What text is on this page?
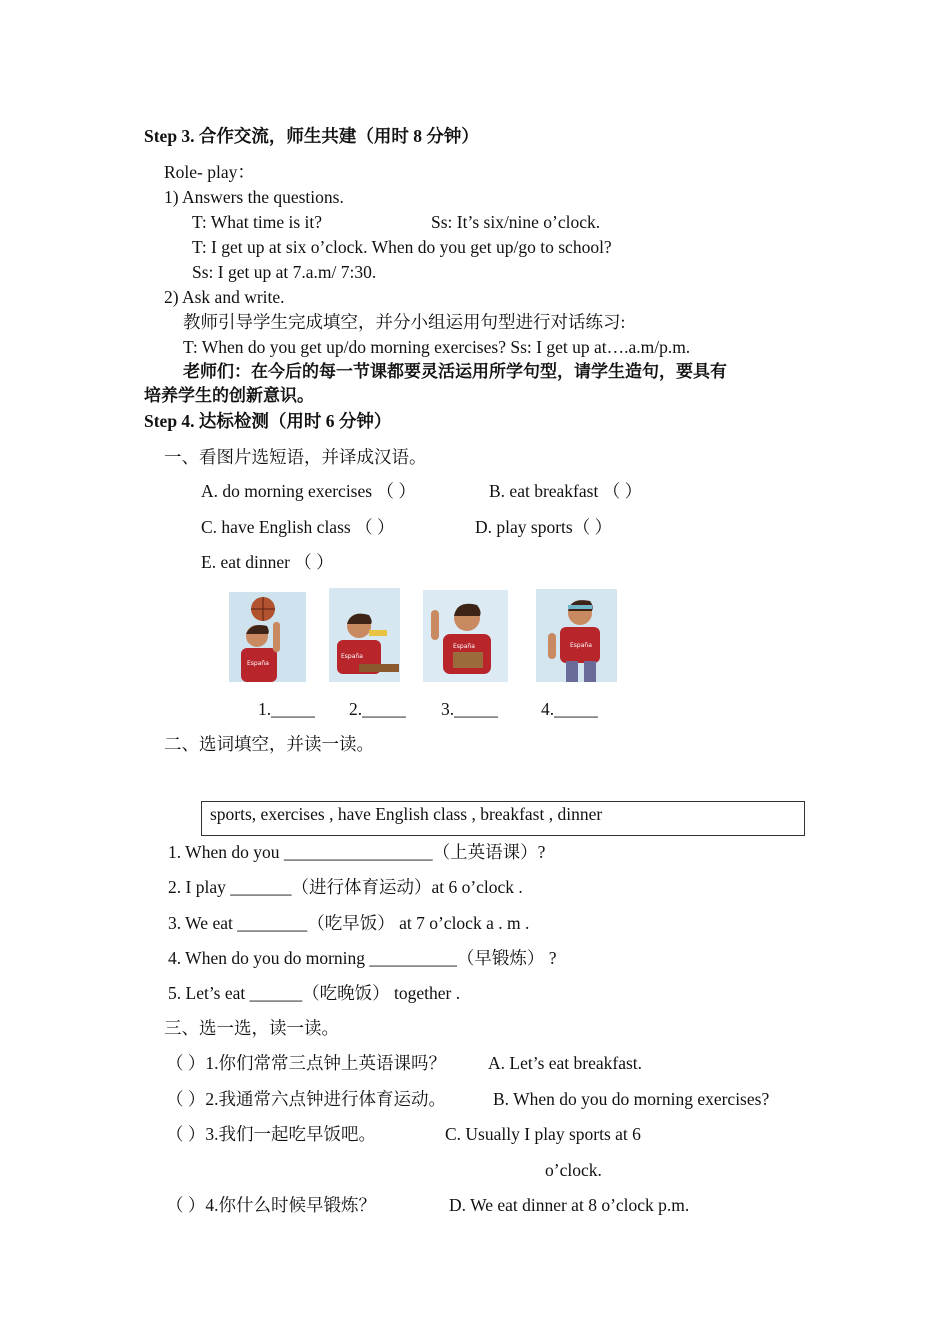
Step 3. 合作交流，师生共建（用时 8 分钟）
Role- play：
1) Answers the questions.
T: What time is it?	Ss: It’s six/nine o’clock.
T: I get up at six o’clock. When do you get up/go to school?
Ss: I get up at 7.a.m/ 7:30.
2) Ask and write.
教师引导学生完成填空，并分小组运用句型进行对话练习:
T: When do you get up/do morning exercises? Ss: I get up at….a.m/p.m.
老师们：在今后的每一节课都要灵活运用所学句型，请学生造句，要具有
培养学生的创新意识。
Step 4. 达标检测（用时 6 分钟）
一、看图片选短语，并译成汉语。
A. do morning exercises （ ）	B. eat breakfast （ ）
C. have English class （ ）	D. play sports（ ）
E. eat dinner （ ）
España
España
España	España
1._____ 2._____ 3._____ 4._____
二、选词填空，并读一读。
sports, exercises , have English class , breakfast , dinner
1. When do you _________________（上英语课）?
2. I play _______（进行体育运动）at 6 o’clock .
3. We eat ________（吃早饭） at 7 o’clock a . m .
4. When do you do morning __________（早锻炼） ?
5. Let’s eat ______（吃晚饭） together .
三、选一选，读一读。
（ ）1.你们常常三点钟上英语课吗？ A. Let’s eat breakfast.
（ ）2.我通常六点钟进行体育运动。	B. When do you do morning exercises?
（ ）3.我们一起吃早饭吧。	C. Usually I play sports at 6
o’clock.
（ ）4.你什么时候早锻炼？	D. We eat dinner at 8 o’clock p.m.
